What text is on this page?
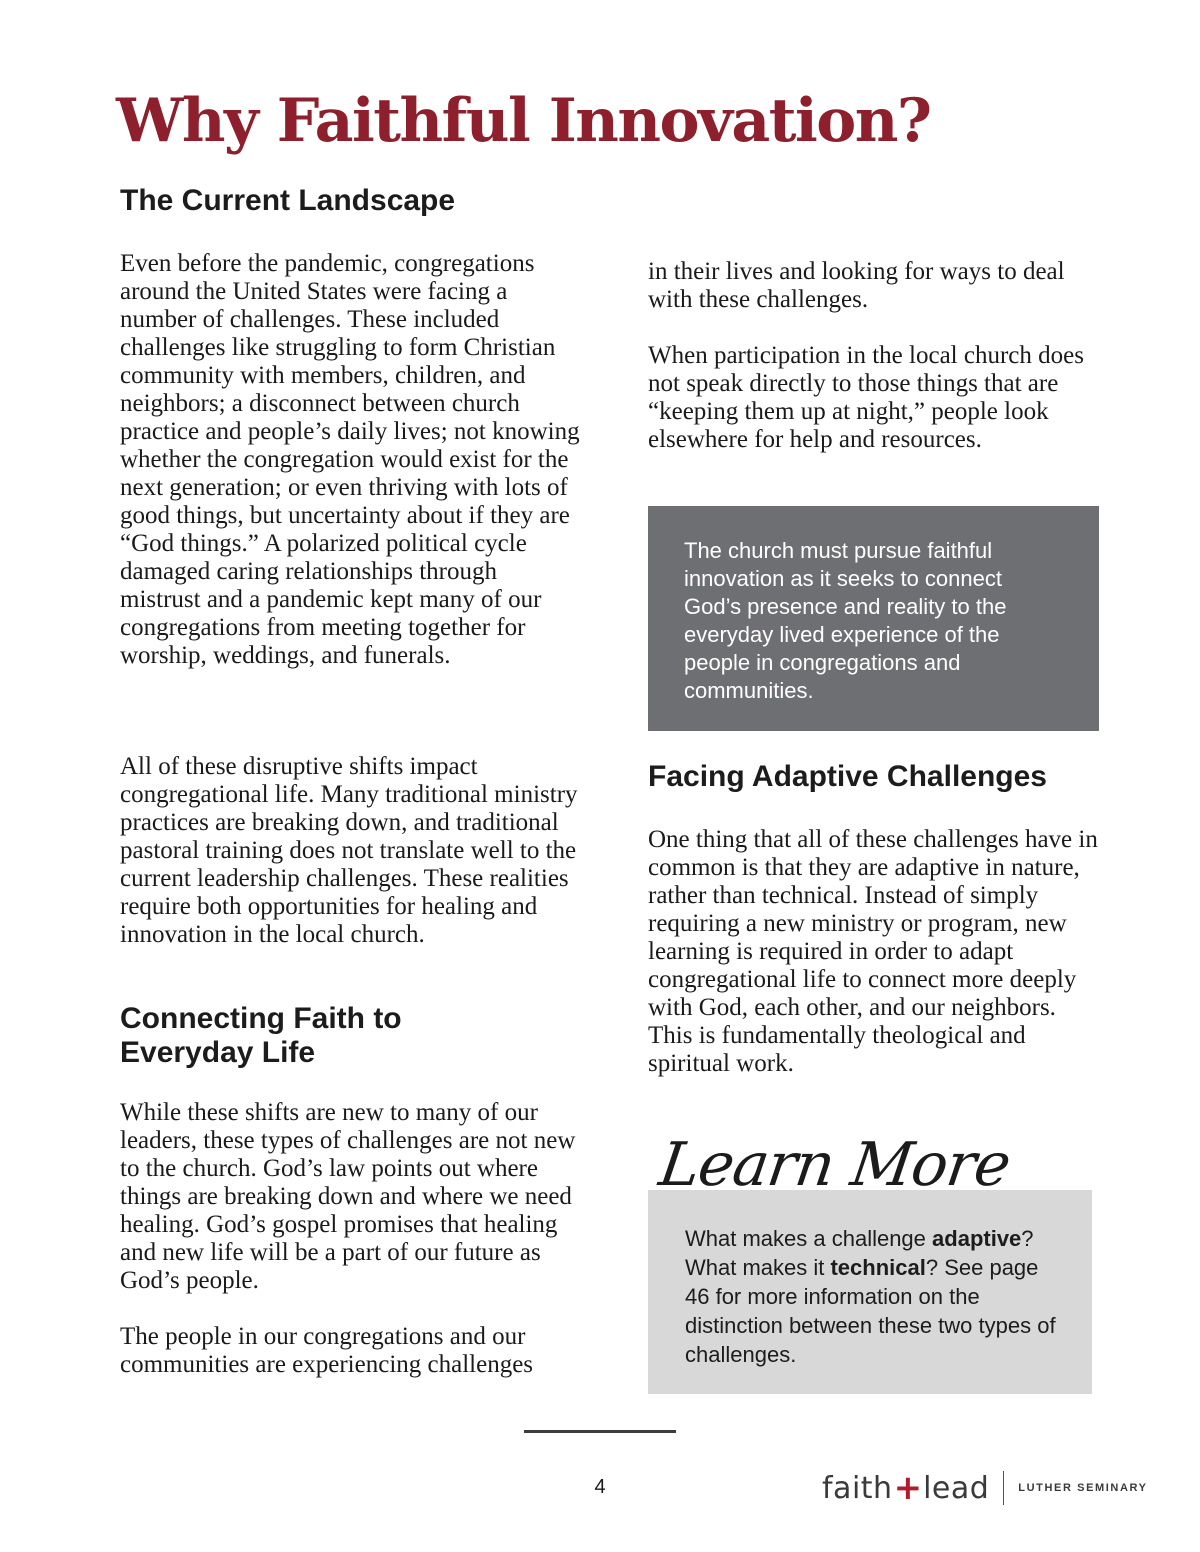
Why Faithful Innovation?
The Current Landscape

Even before the pandemic, congregations around the United States were facing a number of challenges. These included challenges like struggling to form Christian community with members, children, and neighbors; a disconnect between church practice and people’s daily lives; not knowing whether the congregation would exist for the next generation; or even thriving with lots of good things, but uncertainty about if they are “God things.” A polarized political cycle damaged caring relationships through mistrust and a pandemic kept many of our congregations from meeting together for worship, weddings, and funerals.

All of these disruptive shifts impact congregational life. Many traditional ministry practices are breaking down, and traditional pastoral training does not translate well to the current leadership challenges. These realities require both opportunities for healing and innovation in the local church.

Connecting Faith to
Everyday Life

While these shifts are new to many of our leaders, these types of challenges are not new to the church. God’s law points out where things are breaking down and where we need healing. God’s gospel promises that healing and new life will be a part of our future as God’s people.

The people in our congregations and our communities are experiencing challenges

in their lives and looking for ways to deal with these challenges.

When participation in the local church does not speak directly to those things that are “keeping them up at night,” people look elsewhere for help and resources.

The church must pursue faithful innovation as it seeks to connect God’s presence and reality to the everyday lived experience of the people in congregations and communities.

Facing Adaptive Challenges

One thing that all of these challenges have in common is that they are adaptive in nature, rather than technical. Instead of simply requiring a new ministry or program, new learning is required in order to adapt congregational life to connect more deeply with God, each other, and our neighbors. This is fundamentally theological and spiritual work.

What makes a challenge adaptive? What makes it technical? See page 46 for more information on the distinction between these two types of challenges.

Learn More
4	faith + lead	LUTHER SEMINARY
